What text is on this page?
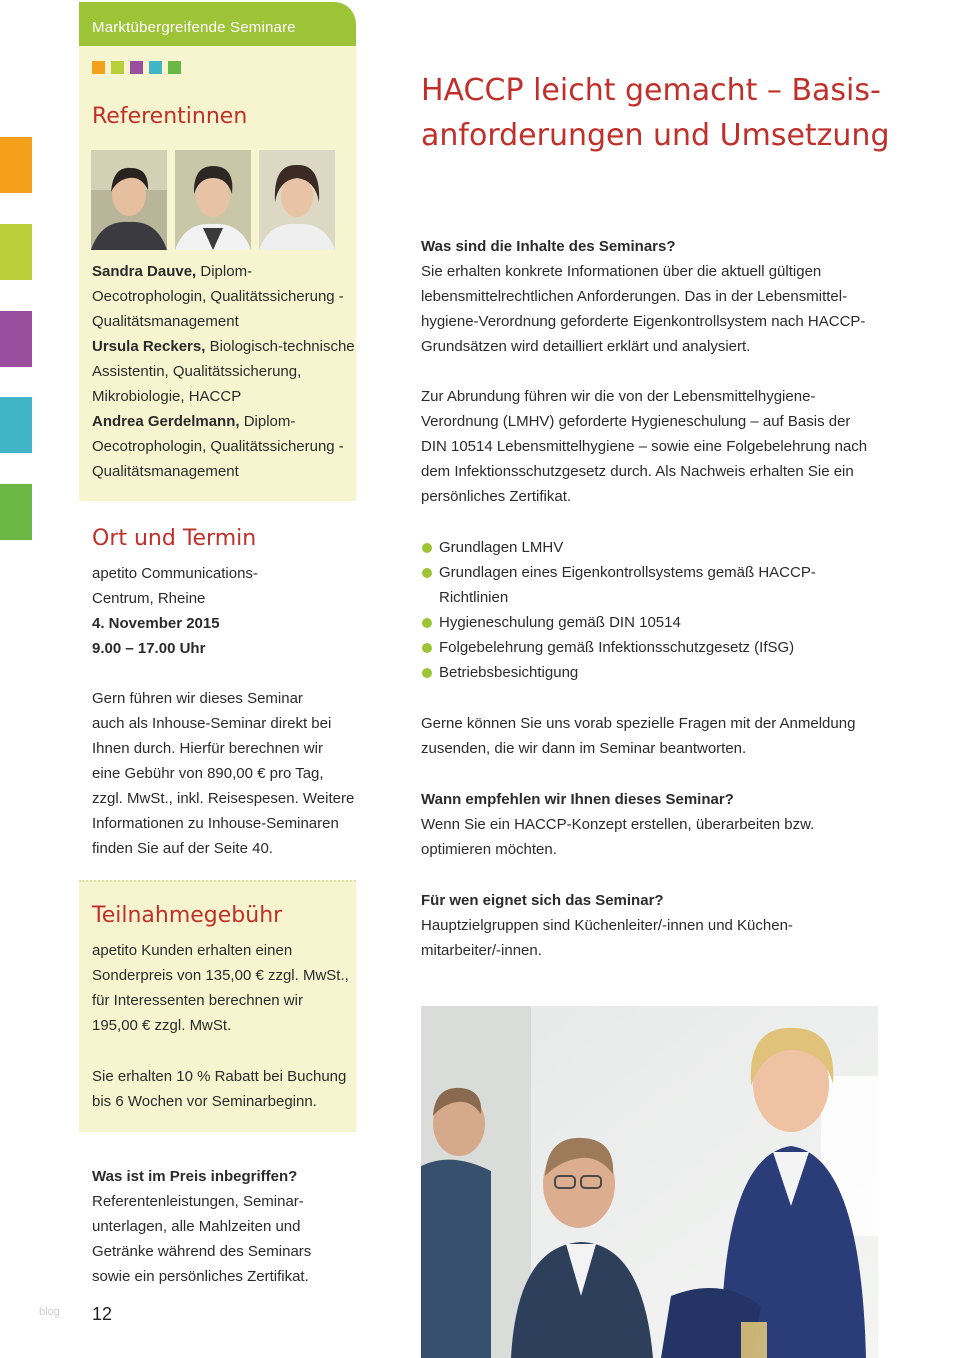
Marktübergreifende Seminare
Referentinnen
Sandra Dauve, Diplom-
Oecotrophologin, Qualitätssicherung -
Qualitätsmanagement
Ursula Reckers, Biologisch-technische
Assistentin, Qualitätssicherung,
Mikrobiologie, HACCP
Andrea Gerdelmann, Diplom-
Oecotrophologin, Qualitätssicherung -
Qualitätsmanagement
Ort und Termin
apetito Communications-
Centrum, Rheine
4. November 2015
9.00 – 17.00 Uhr
Gern führen wir dieses Seminar
auch als Inhouse-Seminar direkt bei
Ihnen durch. Hierfür berechnen wir
eine Gebühr von 890,00 € pro Tag,
zzgl. MwSt., inkl. Reisespesen. Weitere
Informationen zu Inhouse-Seminaren
finden Sie auf der Seite 40.
Teilnahmegebühr
apetito Kunden erhalten einen
Sonderpreis von 135,00 € zzgl. MwSt.,
für Interessenten berechnen wir
195,00 € zzgl. MwSt.
Sie erhalten 10 % Rabatt bei Buchung
bis 6 Wochen vor Seminarbeginn.
Was ist im Preis inbegriffen?
Referentenleistungen, Seminar-
unterlagen, alle Mahlzeiten und
Getränke während des Seminars
sowie ein persönliches Zertifikat.
HACCP leicht gemacht – Basis-
anforderungen und Umsetzung
Was sind die Inhalte des Seminars?
Sie erhalten konkrete Informationen über die aktuell gültigen
lebensmittelrechtlichen Anforderungen. Das in der Lebensmittel-
hygiene-Verordnung geforderte Eigenkontrollsystem nach HACCP-
Grundsätzen wird detailliert erklärt und analysiert.
Zur Abrundung führen wir die von der Lebensmittelhygiene-
Verordnung (LMHV) geforderte Hygieneschulung – auf Basis der
DIN 10514 Lebensmittelhygiene – sowie eine Folgebelehrung nach
dem Infektionsschutzgesetz durch. Als Nachweis erhalten Sie ein
persönliches Zertifikat.
Grundlagen LMHV
Grundlagen eines Eigenkontrollsystems gemäß HACCP-
Richtlinien
Hygieneschulung gemäß DIN 10514
Folgebelehrung gemäß Infektionsschutzgesetz (IfSG)
Betriebsbesichtigung
Gerne können Sie uns vorab spezielle Fragen mit der Anmeldung
zusenden, die wir dann im Seminar beantworten.
Wann empfehlen wir Ihnen dieses Seminar?
Wenn Sie ein HACCP-Konzept erstellen, überarbeiten bzw.
optimieren möchten.
Für wen eignet sich das Seminar?
Hauptzielgruppen sind Küchenleiter/-innen und Küchen-
mitarbeiter/-innen.
blog 12
